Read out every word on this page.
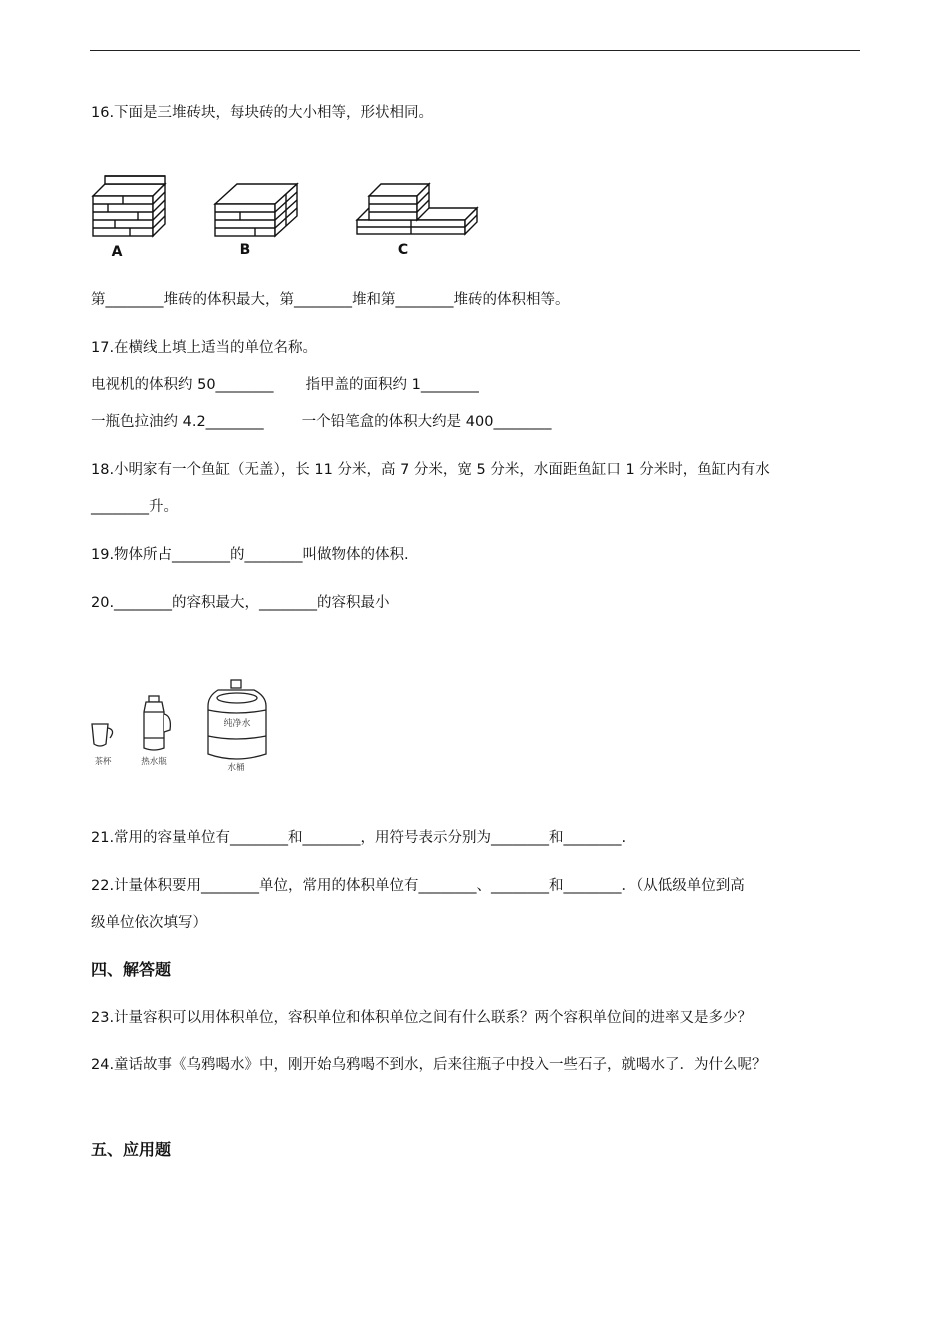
16.下面是三堆砖块，每块砖的大小相等，形状相同。
A	B	C
第________堆砖的体积最大，第________堆和第________堆砖的体积相等。
17.在横线上填上适当的单位名称。
电视机的体积约 50________ 指甲盖的面积约 1________
一瓶色拉油约 4.2________	一个铅笔盒的体积大约是 400________
18.小明家有一个鱼缸（无盖），长 11 分米，高 7 分米，宽 5 分米，水面距鱼缸口 1 分米时，鱼缸内有水
________升。
19.物体所占________的________叫做物体的体积.
20.________的容积最大，________的容积最小
纯净水
茶杯	热水瓶
水桶
21.常用的容量单位有________和________，用符号表示分别为________和________.
22.计量体积要用________单位，常用的体积单位有________、________和________．（从低级单位到高
级单位依次填写）
四、解答题
23.计量容积可以用体积单位，容积单位和体积单位之间有什么联系？两个容积单位间的进率又是多少？
24.童话故事《乌鸦喝水》中，刚开始乌鸦喝不到水，后来往瓶子中投入一些石子，就喝水了．为什么呢？
五、应用题
